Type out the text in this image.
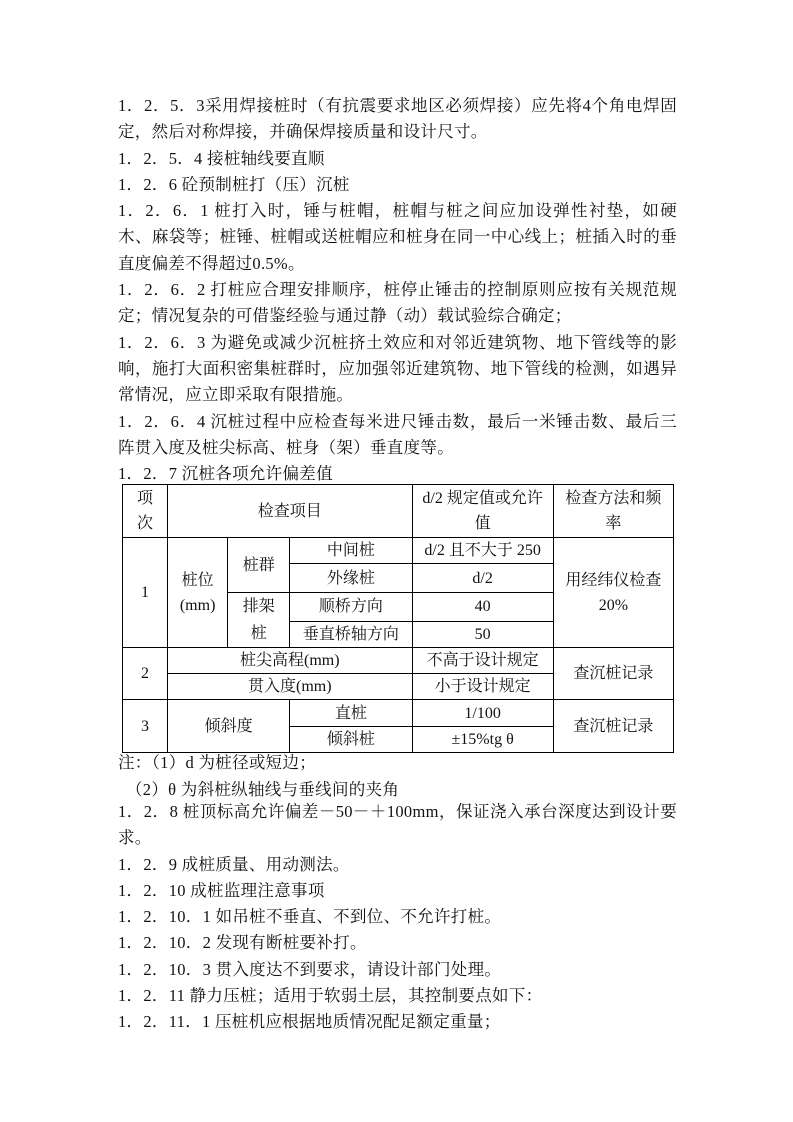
1．2．5．3采用焊接桩时（有抗震要求地区必须焊接）应先将4个角电焊固定，然后对称焊接，并确保焊接质量和设计尺寸。

1．2．5．4 接桩轴线要直顺

1．2．6 砼预制桩打（压）沉桩

1．2．6．1 桩打入时，锤与桩帽，桩帽与桩之间应加设弹性衬垫，如硬木、麻袋等；桩锤、桩帽或送桩帽应和桩身在同一中心线上；桩插入时的垂直度偏差不得超过0.5%。

1．2．6．2 打桩应合理安排顺序，桩停止锤击的控制原则应按有关规范规定；情况复杂的可借鉴经验与通过静（动）载试验综合确定；

1．2．6．3 为避免或减少沉桩挤土效应和对邻近建筑物、地下管线等的影响，施打大面积密集桩群时，应加强邻近建筑物、地下管线的检测，如遇异常情况，应立即采取有限措施。

1．2．6．4 沉桩过程中应检查每米进尺锤击数，最后一米锤击数、最后三阵贯入度及桩尖标高、桩身（架）垂直度等。

1．2．7 沉桩各项允许偏差值

项次	检查项目			d/2 规定值或允许值	检查方法和频率
1	桩位(mm)	桩群	中间桩	d/2 且不大于 250	用经纬仪检查 20%
			外缘桩	d/2	
		排架桩	顺桥方向	40	
			垂直桥轴方向	50	
2	桩尖高程(mm)			不高于设计规定	查沉桩记录
	贯入度(mm)			小于设计规定	
3	倾斜度		直桩	1/100	查沉桩记录
			倾斜桩	±15%tg θ	

注：（1）d 为桩径或短边；

（2）θ 为斜桩纵轴线与垂线间的夹角

1．2．8 桩顶标高允许偏差－50－＋100mm，保证浇入承台深度达到设计要求。

1．2．9 成桩质量、用动测法。

1．2．10 成桩监理注意事项

1．2．10．1 如吊桩不垂直、不到位、不允许打桩。

1．2．10．2 发现有断桩要补打。

1．2．10．3 贯入度达不到要求，请设计部门处理。

1．2．11 静力压桩；适用于软弱土层，其控制要点如下：

1．2．11．1 压桩机应根据地质情况配足额定重量；
